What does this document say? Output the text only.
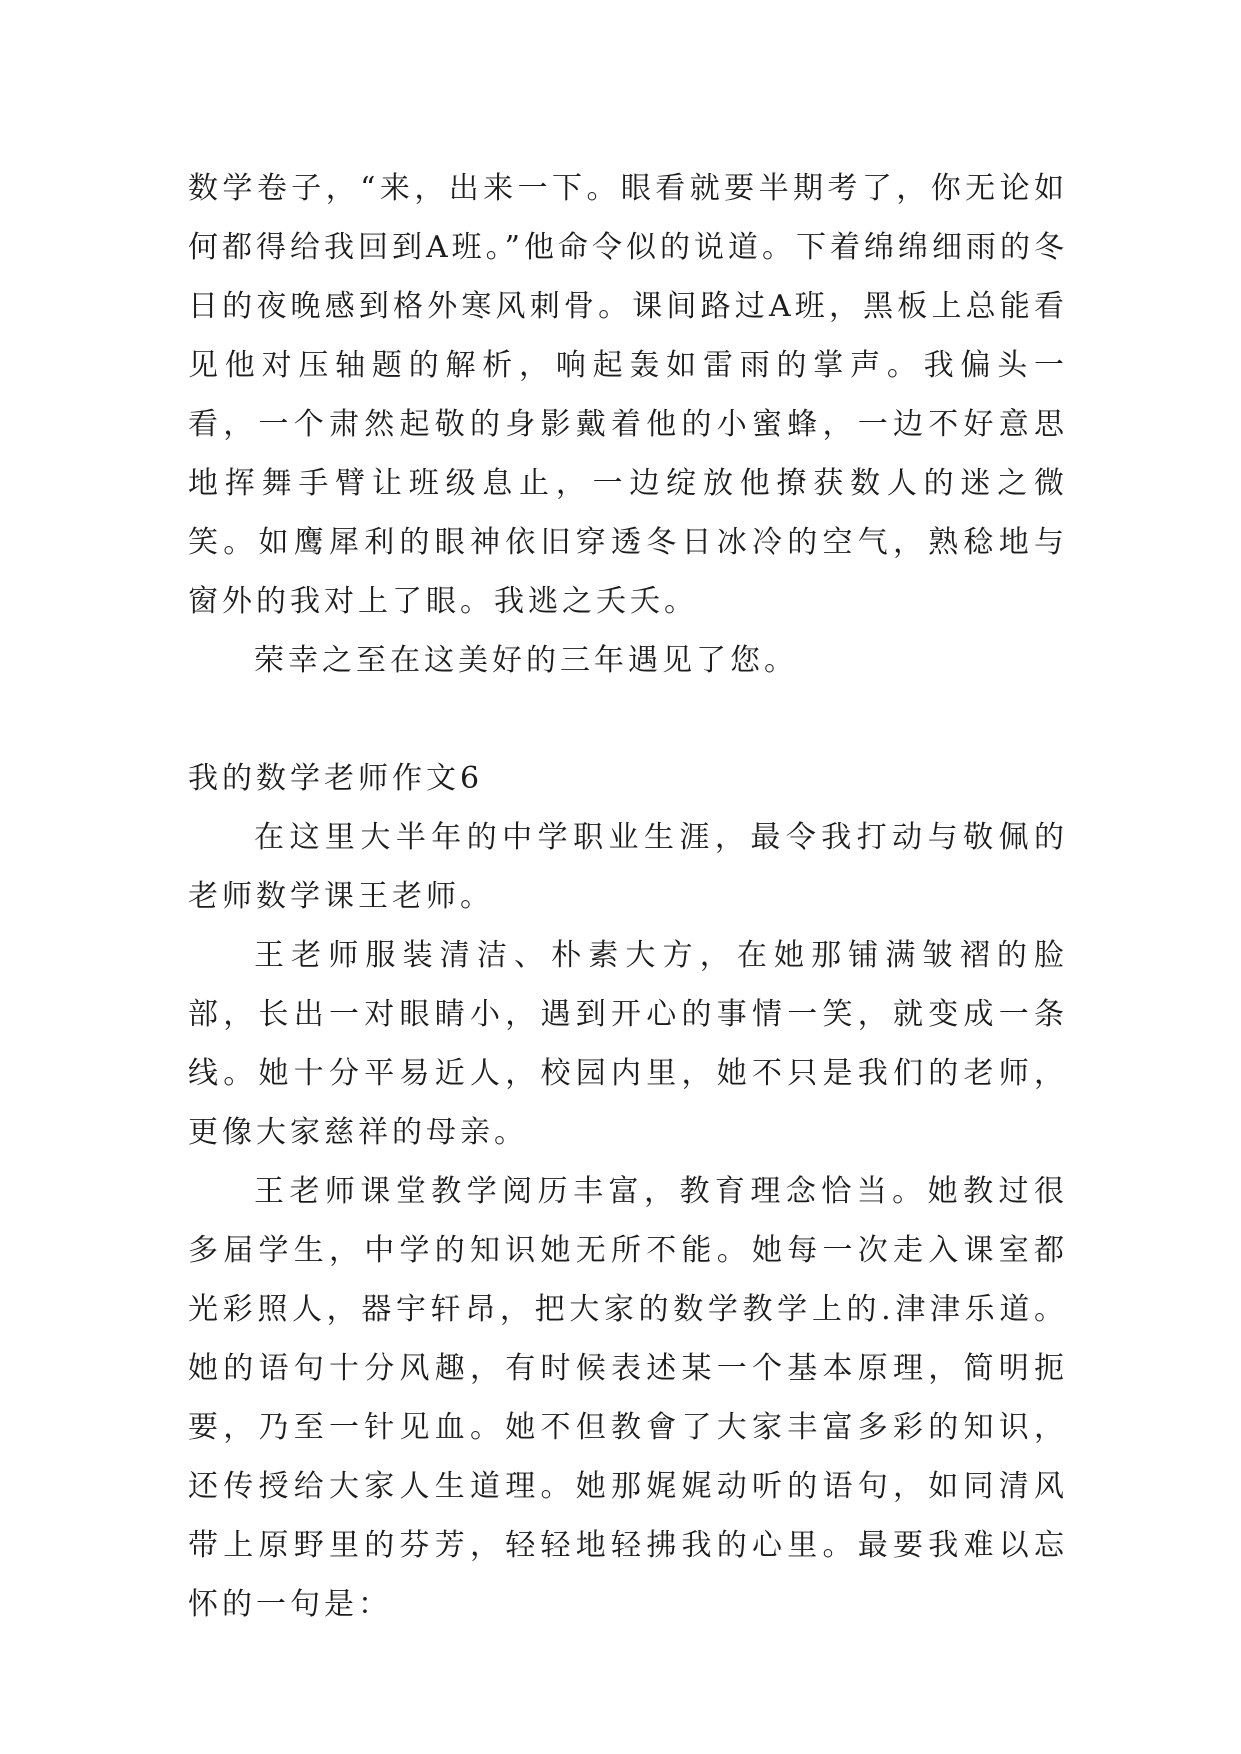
数学卷子，“来，出来一下。眼看就要半期考了，你无论如何都得给我回到A班。”他命令似的说道。下着绵绵细雨的冬日的夜晚感到格外寒风刺骨。课间路过A班，黑板上总能看见他对压轴题的解析，响起轰如雷雨的掌声。我偏头一看，一个肃然起敬的身影戴着他的小蜜蜂，一边不好意思地挥舞手臂让班级息止，一边绽放他撩获数人的迷之微笑。如鹰犀利的眼神依旧穿透冬日冰冷的空气，熟稔地与窗外的我对上了眼。我逃之夭夭。

荣幸之至在这美好的三年遇见了您。

我的数学老师作文6

在这里大半年的中学职业生涯，最令我打动与敬佩的老师数学课王老师。

王老师服装清洁、朴素大方，在她那铺满皱褶的脸部，长出一对眼睛小，遇到开心的事情一笑，就变成一条线。她十分平易近人，校园内里，她不只是我们的老师，更像大家慈祥的母亲。

王老师课堂教学阅历丰富，教育理念恰当。她教过很多届学生，中学的知识她无所不能。她每一次走入课室都光彩照人，器宇轩昂，把大家的数学教学上的.津津乐道。她的语句十分风趣，有时候表述某一个基本原理，简明扼要，乃至一针见血。她不但教會了大家丰富多彩的知识，还传授给大家人生道理。她那娓娓动听的语句，如同清风带上原野里的芬芳，轻轻地轻拂我的心里。最要我难以忘怀的一句是：
